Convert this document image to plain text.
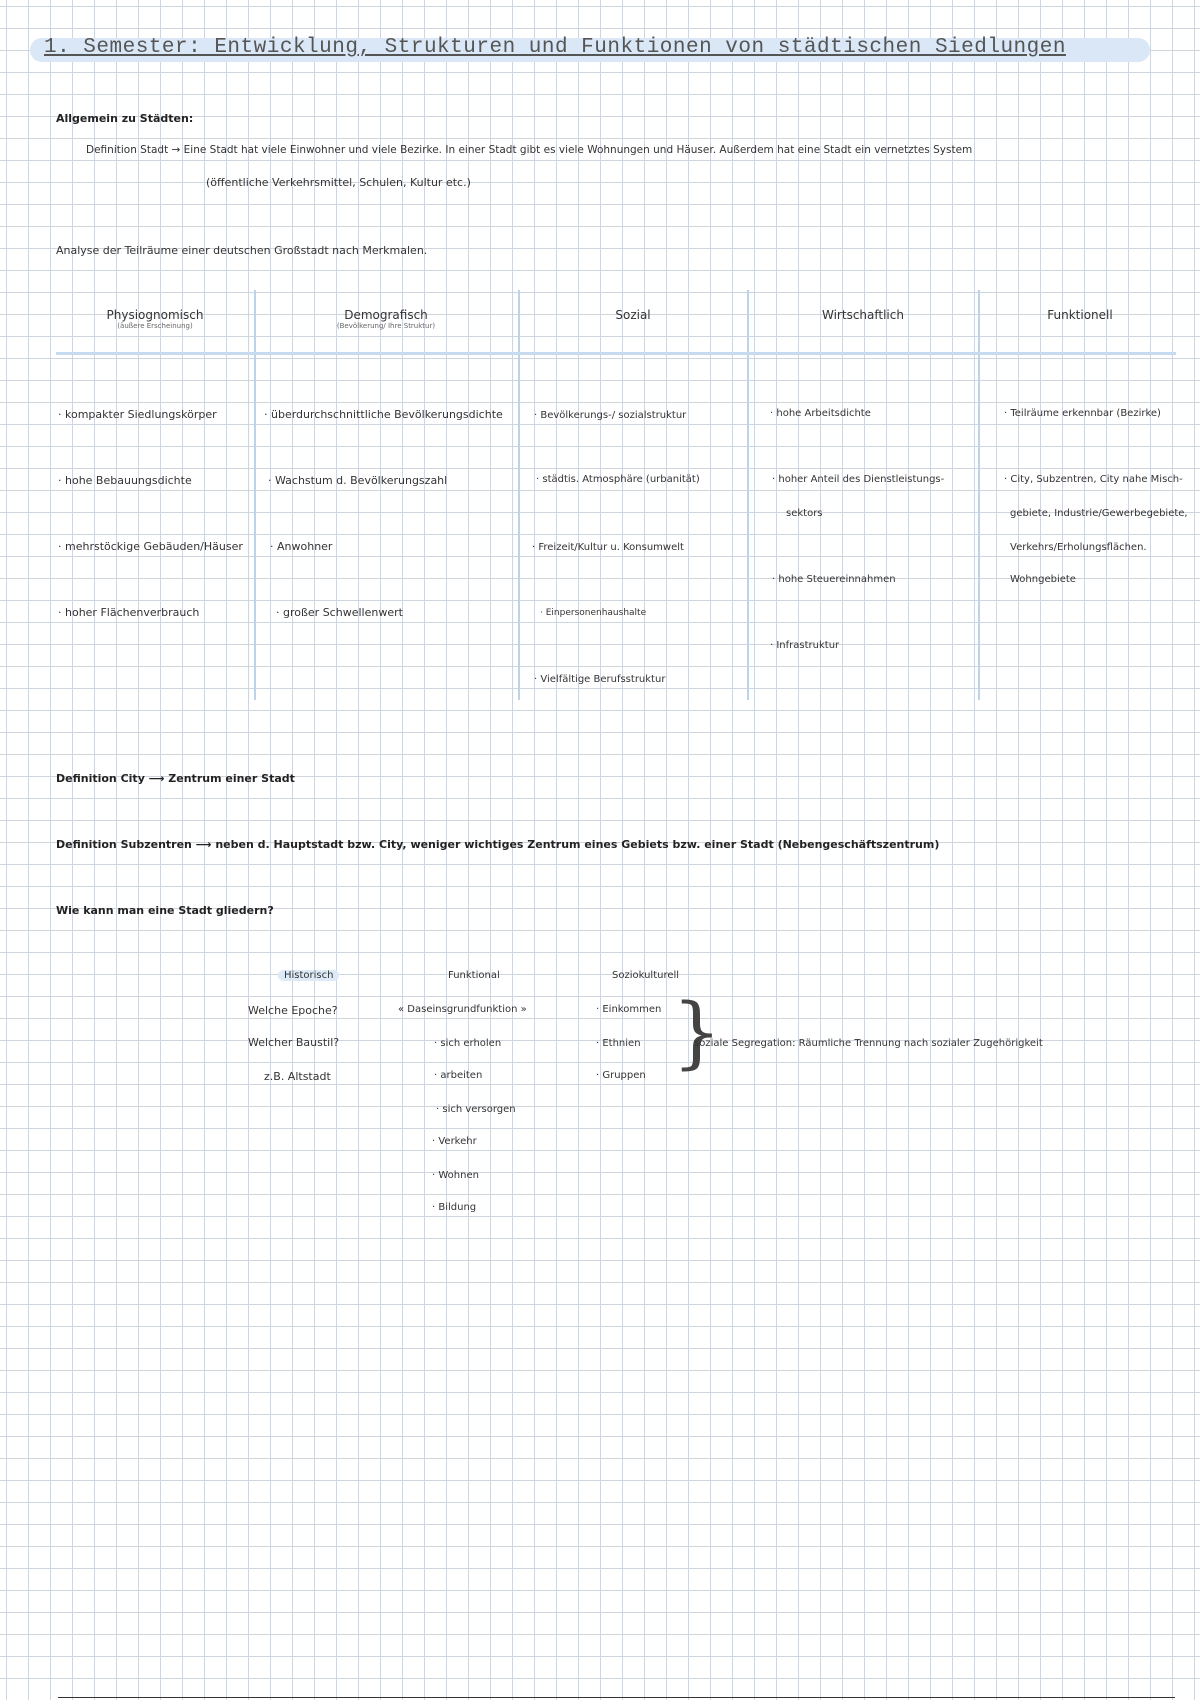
1. Semester: Entwicklung, Strukturen und Funktionen von städtischen Siedlungen
Allgemein zu Städten:
Definition Stadt → Eine Stadt hat viele Einwohner und viele Bezirke. In einer Stadt gibt es viele Wohnungen und Häuser. Außerdem hat eine Stadt ein vernetztes System
(öffentliche Verkehrsmittel, Schulen, Kultur etc.)
Analyse der Teilräume einer deutschen Großstadt nach Merkmalen.
Physiognomisch
(äußere Erscheinung)
Demografisch
(Bevölkerung/ Ihre Struktur)
Sozial	Wirtschaftlich	Funktionell
· kompakter Siedlungskörper
· hohe Bebauungsdichte
· mehrstöckige Gebäuden/Häuser
· hoher Flächenverbrauch
· überdurchschnittliche Bevölkerungsdichte
· Wachstum d. Bevölkerungszahl
· Anwohner
· großer Schwellenwert
· Bevölkerungs-/ sozialstruktur
· städtis. Atmosphäre (urbanität)
· Freizeit/Kultur u. Konsumwelt
· Einpersonenhaushalte
· Vielfältige Berufsstruktur
· hohe Arbeitsdichte
· hoher Anteil des Dienstleistungs-
sektors
· hohe Steuereinnahmen
· Infrastruktur
· Teilräume erkennbar (Bezirke)
· City, Subzentren, City nahe Misch-
gebiete, Industrie/Gewerbegebiete,
Verkehrs/Erholungsflächen.
Wohngebiete
Definition City ⟶ Zentrum einer Stadt
Definition Subzentren ⟶ neben d. Hauptstadt bzw. City, weniger wichtiges Zentrum eines Gebiets bzw. einer Stadt (Nebengeschäftszentrum)
Wie kann man eine Stadt gliedern?
Historisch
Welche Epoche?
Welcher Baustil?
z.B. Altstadt
Funktional
« Daseinsgrundfunktion »
· sich erholen
· arbeiten
· sich versorgen
· Verkehr
· Wohnen
· Bildung
Soziokulturell
· Einkommen
· Ethnien
· Gruppen }
soziale Segregation: Räumliche Trennung nach sozialer Zugehörigkeit
